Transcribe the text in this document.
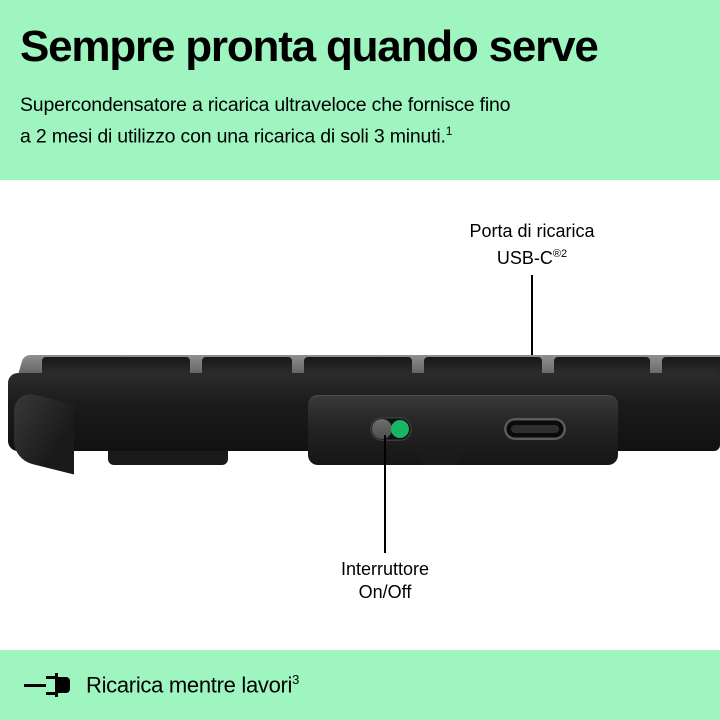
Sempre pronta quando serve
Supercondensatore a ricarica ultraveloce che fornisce fino
a 2 mesi di utilizzo con una ricarica di soli 3 minuti.$^1$
Porta di ricarica
USB-$C^{®2}$
Interruttore
On/Off
Ricarica mentre lavori$^3$
